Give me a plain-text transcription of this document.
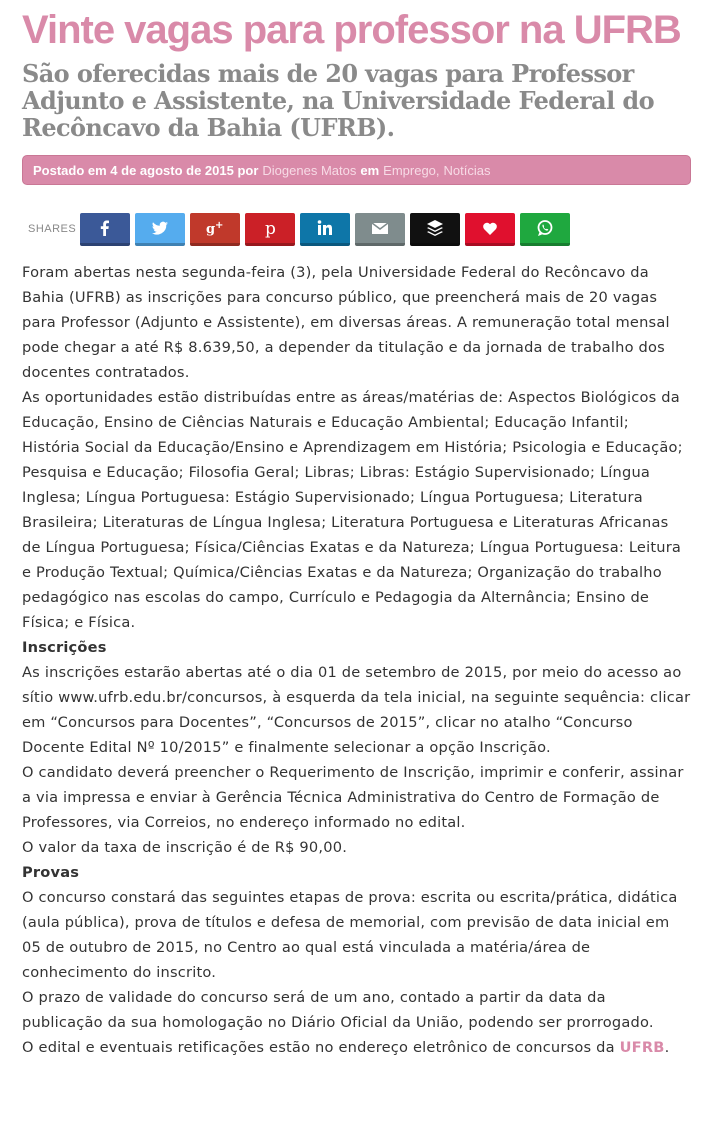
Vinte vagas para professor na UFRB
São oferecidas mais de 20 vagas para Professor Adjunto e Assistente, na Universidade Federal do Recôncavo da Bahia (UFRB).
Postado em 4 de agosto de 2015 por Diogenes Matos em Emprego , Notícias
SHARES	g + p

Foram abertas nesta segunda-feira (3), pela Universidade Federal do Recôncavo da Bahia (UFRB) as inscrições para concurso público, que preencherá mais de 20 vagas para Professor (Adjunto e Assistente), em diversas áreas. A remuneração total mensal pode chegar a até R$ 8.639,50, a depender da titulação e da jornada de trabalho dos docentes contratados.

As oportunidades estão distribuídas entre as áreas/matérias de: Aspectos Biológicos da Educação, Ensino de Ciências Naturais e Educação Ambiental; Educação Infantil; História Social da Educação/Ensino e Aprendizagem em História; Psicologia e Educação; Pesquisa e Educação; Filosofia Geral; Libras; Libras: Estágio Supervisionado; Língua Inglesa; Língua Portuguesa: Estágio Supervisionado; Língua Portuguesa; Literatura Brasileira; Literaturas de Língua Inglesa; Literatura Portuguesa e Literaturas Africanas de Língua Portuguesa; Física/Ciências Exatas e da Natureza; Língua Portuguesa: Leitura e Produção Textual; Química/Ciências Exatas e da Natureza; Organização do trabalho pedagógico nas escolas do campo, Currículo e Pedagogia da Alternância; Ensino de Física; e Física.

Inscrições

As inscrições estarão abertas até o dia 01 de setembro de 2015, por meio do acesso ao sítio www.ufrb.edu.br/concursos, à esquerda da tela inicial, na seguinte sequência: clicar em “Concursos para Docentes”, “Concursos de 2015”, clicar no atalho “Concurso Docente Edital Nº 10/2015” e finalmente selecionar a opção Inscrição.

O candidato deverá preencher o Requerimento de Inscrição, imprimir e conferir, assinar a via impressa e enviar à Gerência Técnica Administrativa do Centro de Formação de Professores, via Correios, no endereço informado no edital.

O valor da taxa de inscrição é de R$ 90,00.

Provas

O concurso constará das seguintes etapas de prova: escrita ou escrita/prática, didática (aula pública), prova de títulos e defesa de memorial, com previsão de data inicial em 05 de outubro de 2015, no Centro ao qual está vinculada a matéria/área de conhecimento do inscrito.

O prazo de validade do concurso será de um ano, contado a partir da data da publicação da sua homologação no Diário Oficial da União, podendo ser prorrogado.

O edital e eventuais retificações estão no endereço eletrônico de concursos da UFRB.
